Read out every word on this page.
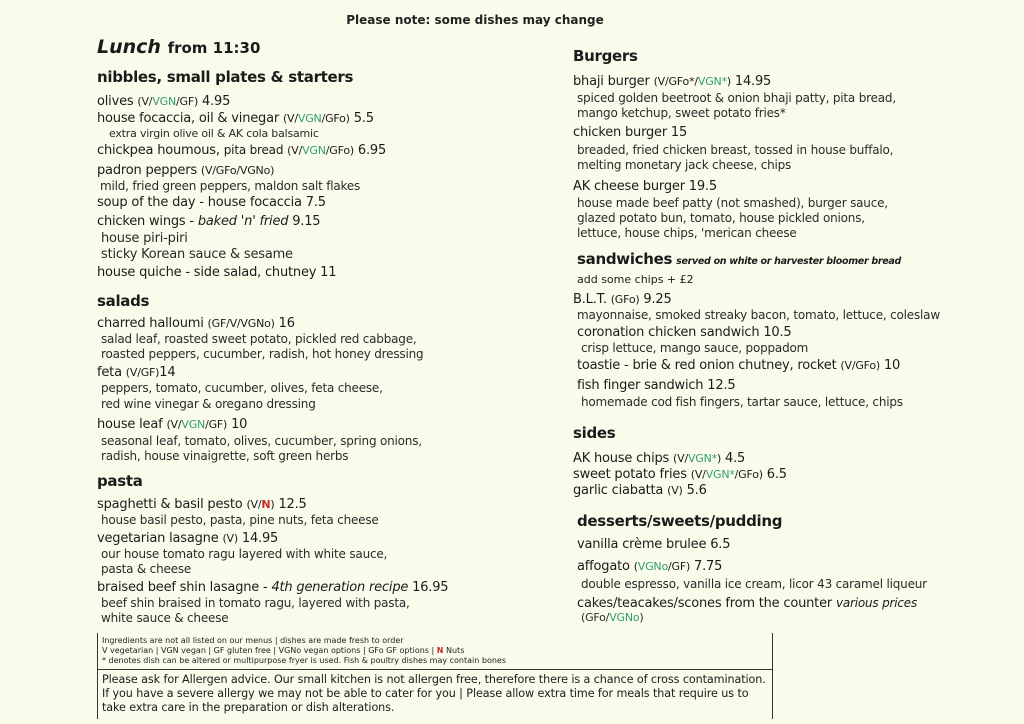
Please note: some dishes may change
Lunch from 11:30
nibbles, small plates & starters
olives (V/VGN/GF) 4.95
house focaccia, oil & vinegar (V/VGN/GFo) 5.5
extra virgin olive oil & AK cola balsamic
chickpea houmous, pita bread (V/VGN/GFo) 6.95
padron peppers (V/GFo/VGNo)
mild, fried green peppers, maldon salt flakes
soup of the day - house focaccia 7.5
chicken wings - baked 'n' fried 9.15
house piri-piri
sticky Korean sauce & sesame
house quiche - side salad, chutney 11
salads
charred halloumi (GF/V/VGNo) 16
salad leaf, roasted sweet potato, pickled red cabbage,
roasted peppers, cucumber, radish, hot honey dressing
feta (V/GF)14
peppers, tomato, cucumber, olives, feta cheese,
red wine vinegar & oregano dressing
house leaf (V/VGN/GF) 10
seasonal leaf, tomato, olives, cucumber, spring onions,
radish, house vinaigrette, soft green herbs
pasta
spaghetti & basil pesto (V/N) 12.5
house basil pesto, pasta, pine nuts, feta cheese
vegetarian lasagne (V) 14.95
our house tomato ragu layered with white sauce,
pasta & cheese
braised beef shin lasagne - 4th generation recipe 16.95
beef shin braised in tomato ragu, layered with pasta,
white sauce & cheese
Burgers
bhaji burger (V/GFo*/VGN*) 14.95
spiced golden beetroot & onion bhaji patty, pita bread,
mango ketchup, sweet potato fries*
chicken burger 15
breaded, fried chicken breast, tossed in house buffalo,
melting monetary jack cheese, chips
AK cheese burger 19.5
house made beef patty (not smashed), burger sauce,
glazed potato bun, tomato, house pickled onions,
lettuce, house chips, 'merican cheese
sandwiches served on white or harvester bloomer bread
add some chips + £2
B.L.T. (GFo) 9.25
mayonnaise, smoked streaky bacon, tomato, lettuce, coleslaw
coronation chicken sandwich 10.5
crisp lettuce, mango sauce, poppadom
toastie - brie & red onion chutney, rocket (V/GFo) 10
fish finger sandwich 12.5
homemade cod fish fingers, tartar sauce, lettuce, chips
sides
AK house chips (V/VGN*) 4.5
sweet potato fries (V/VGN*/GFo) 6.5
garlic ciabatta (V) 5.6
desserts/sweets/pudding
vanilla crème brulee 6.5
affogato (VGNo/GF) 7.75
double espresso, vanilla ice cream, licor 43 caramel liqueur
cakes/teacakes/scones from the counter various prices
(GFo/VGNo)
Ingredients are not all listed on our menus | dishes are made fresh to order
V vegetarian | VGN vegan | GF gluten free | VGNo vegan options | GFo GF options | N Nuts
* denotes dish can be altered or multipurpose fryer is used. Fish & poultry dishes may contain bones
Please ask for Allergen advice. Our small kitchen is not allergen free, therefore there is a chance of cross contamination. If you have a severe allergy we may not be able to cater for you | Please allow extra time for meals that require us to take extra care in the preparation or dish alterations.
